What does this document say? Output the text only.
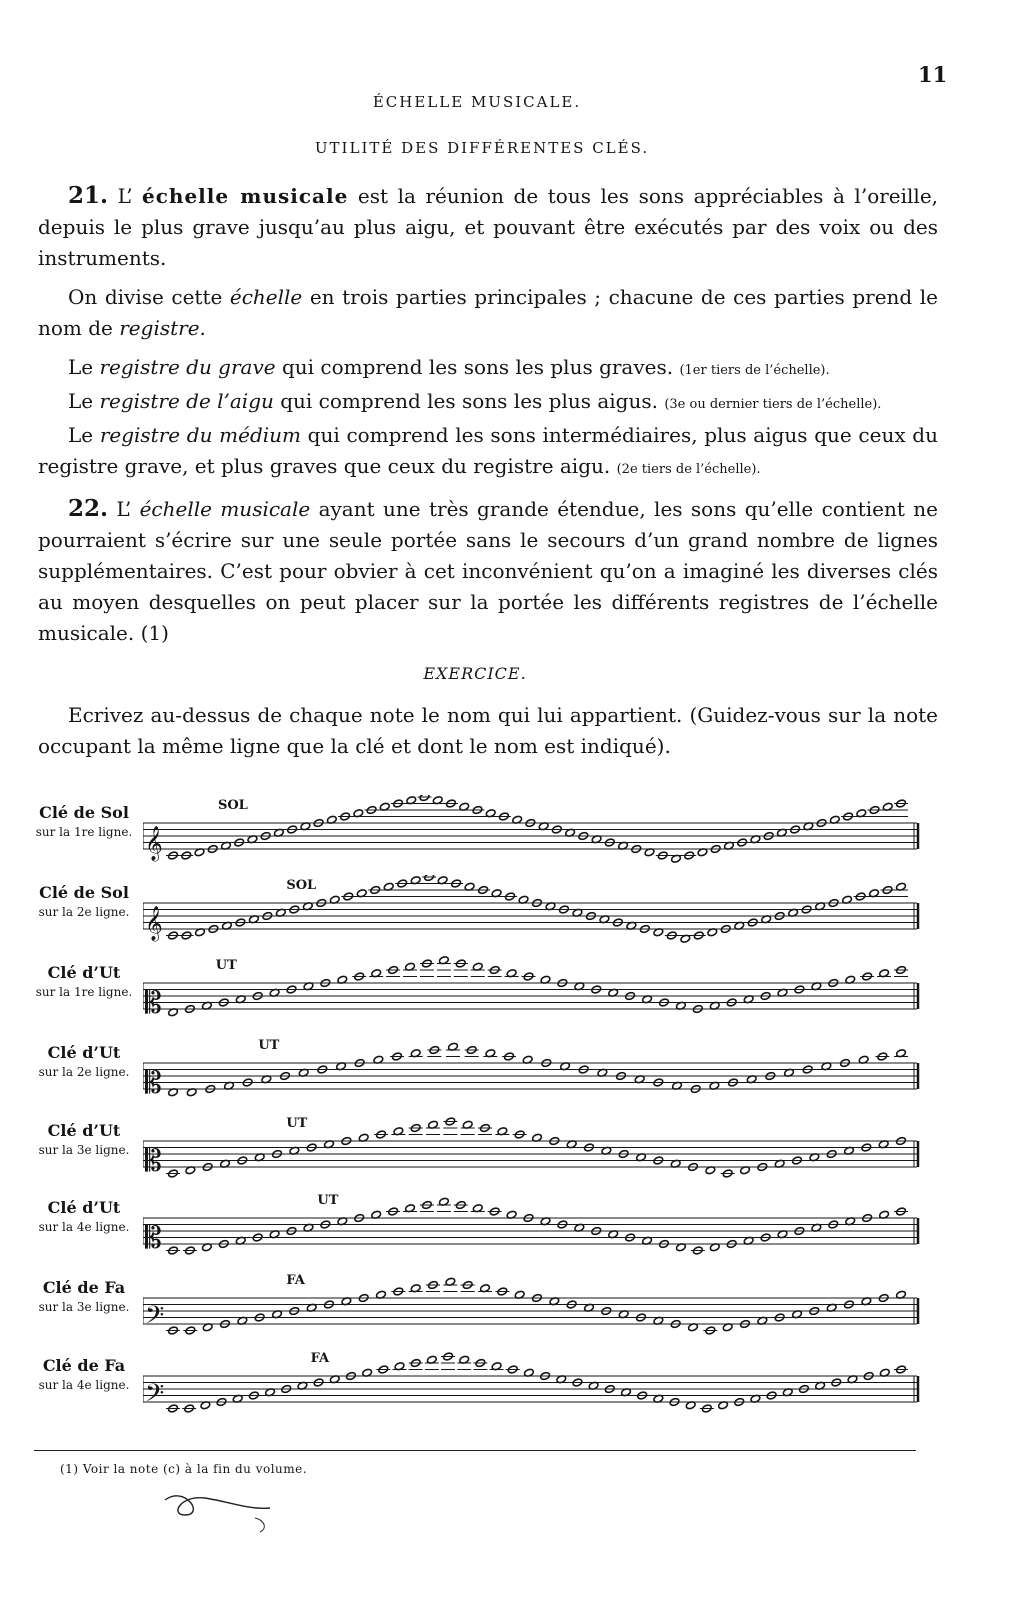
11
ÉCHELLE MUSICALE.
UTILITÉ DES DIFFÉRENTES CLÉS.

21. L’ échelle musicale est la réunion de tous les sons appréciables à l’oreille, depuis le plus grave jusqu’au plus aigu, et pouvant être exécutés par des voix ou des instruments.

On divise cette échelle en trois parties principales ; chacune de ces parties prend le nom de registre.

Le registre du grave qui comprend les sons les plus graves. (1er tiers de l’échelle).

Le registre de l’aigu qui comprend les sons les plus aigus. (3e ou dernier tiers de l’échelle).

Le registre du médium qui comprend les sons intermédiaires, plus aigus que ceux du registre grave, et plus graves que ceux du registre aigu. (2e tiers de l’échelle).

22. L’ échelle musicale ayant une très grande étendue, les sons qu’elle contient ne pourraient s’écrire sur une seule portée sans le secours d’un grand nombre de lignes supplémentaires. C’est pour obvier à cet inconvénient qu’on a imaginé les diverses clés au moyen desquelles on peut placer sur la portée les différents registres de l’échelle musicale. (1)

EXERCICE.
Ecrivez au-dessus de chaque note le nom qui lui appartient. (Guidez-vous sur la note occupant la même ligne que la clé et dont le nom est indiqué).
Clé de Sol
sur la 1re ligne. 𝄞
SOL
Clé de Sol
sur la 2e ligne. 𝄞
SOL
Clé d’Ut
sur la 1re ligne. 𝄡
UT
Clé d’Ut
sur la 2e ligne. 𝄡
UT
Clé d’Ut
sur la 3e ligne. 𝄡
UT
Clé d’Ut
sur la 4e ligne. 𝄡
UT
Clé de Fa
sur la 3e ligne. 𝄢
FA
Clé de Fa
sur la 4e ligne. 𝄢
FA
(1) Voir la note (c) à la fin du volume.
